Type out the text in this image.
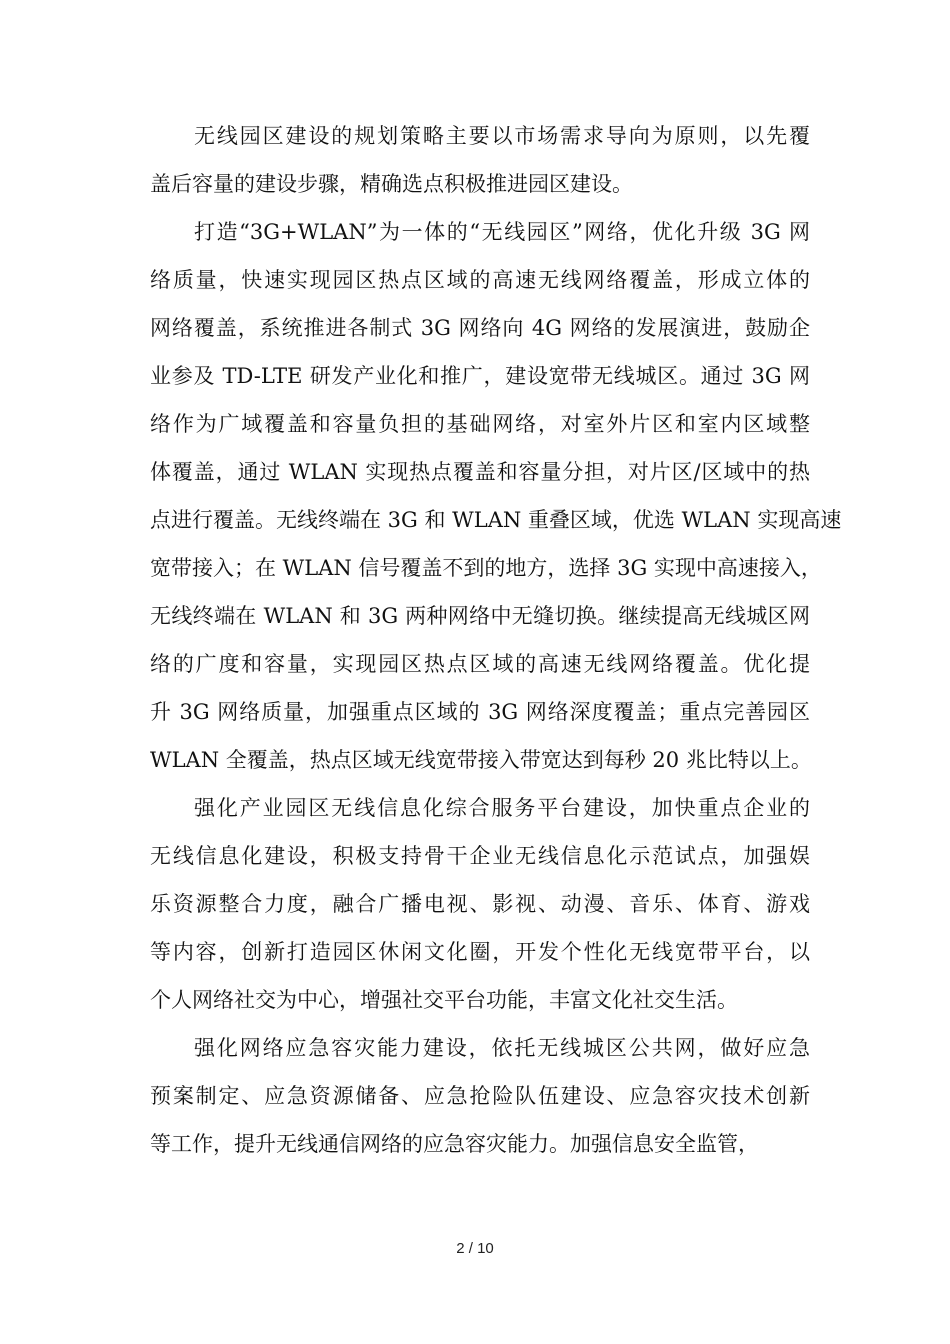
无线园区建设的规划策略主要以市场需求导向为原则，以先覆
盖后容量的建设步骤，精确选点积极推进园区建设。
打造“3G+WLAN”为一体的“无线园区”网络，优化升级 3G 网
络质量，快速实现园区热点区域的高速无线网络覆盖，形成立体的
网络覆盖，系统推进各制式 3G 网络向 4G 网络的发展演进，鼓励企
业参及 TD-LTE 研发产业化和推广，建设宽带无线城区。通过 3G 网
络作为广域覆盖和容量负担的基础网络，对室外片区和室内区域整
体覆盖，通过 WLAN 实现热点覆盖和容量分担，对片区/区域中的热
点进行覆盖。无线终端在 3G 和 WLAN 重叠区域，优选 WLAN 实现高速
宽带接入；在 WLAN 信号覆盖不到的地方，选择 3G 实现中高速接入，
无线终端在 WLAN 和 3G 两种网络中无缝切换。继续提高无线城区网
络的广度和容量，实现园区热点区域的高速无线网络覆盖。优化提
升 3G 网络质量，加强重点区域的 3G 网络深度覆盖；重点完善园区
WLAN 全覆盖，热点区域无线宽带接入带宽达到每秒 20 兆比特以上。
强化产业园区无线信息化综合服务平台建设，加快重点企业的
无线信息化建设，积极支持骨干企业无线信息化示范试点，加强娱
乐资源整合力度，融合广播电视、影视、动漫、音乐、体育、游戏
等内容，创新打造园区休闲文化圈，开发个性化无线宽带平台，以
个人网络社交为中心，增强社交平台功能，丰富文化社交生活。
强化网络应急容灾能力建设，依托无线城区公共网，做好应急
预案制定、应急资源储备、应急抢险队伍建设、应急容灾技术创新
等工作，提升无线通信网络的应急容灾能力。加强信息安全监管，
2 / 10
